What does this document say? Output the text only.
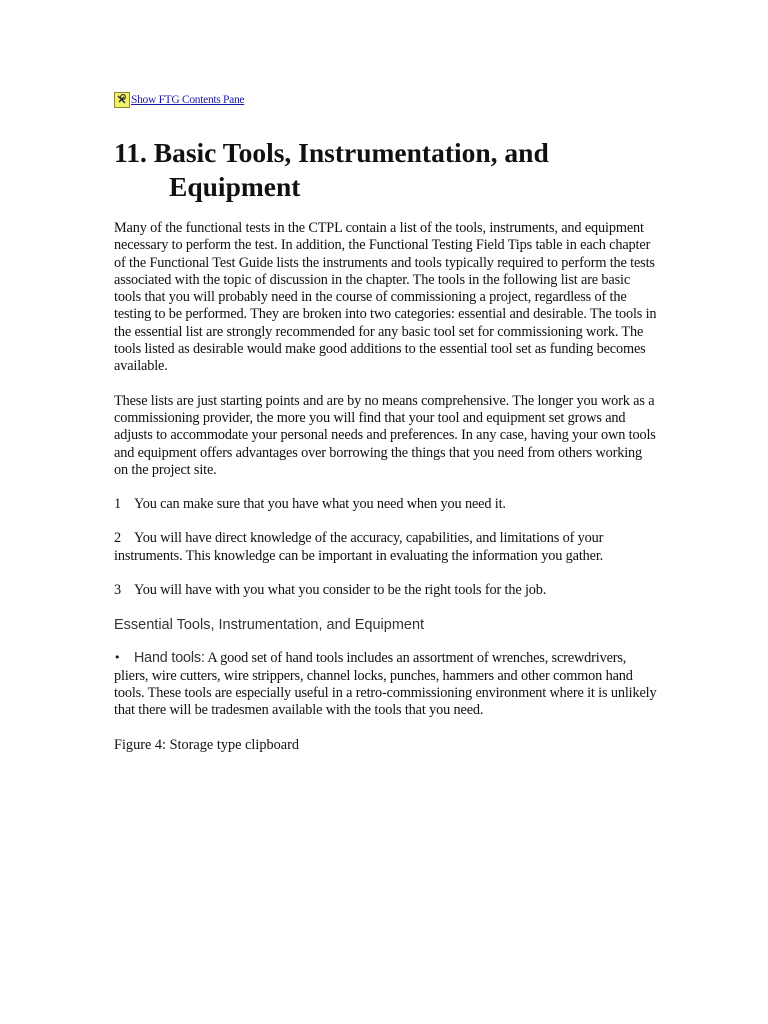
Show FTG Contents Pane
11. Basic Tools, Instrumentation, and Equipment

Many of the functional tests in the CTPL contain a list of the tools, instruments, and equipment necessary to perform the test. In addition, the Functional Testing Field Tips table in each chapter of the Functional Test Guide lists the instruments and tools typically required to perform the tests associated with the topic of discussion in the chapter. The tools in the following list are basic tools that you will probably need in the course of commissioning a project, regardless of the testing to be performed. They are broken into two categories: essential and desirable. The tools in the essential list are strongly recommended for any basic tool set for commissioning work. The tools listed as desirable would make good additions to the essential tool set as funding becomes available.

These lists are just starting points and are by no means comprehensive. The longer you work as a commissioning provider, the more you will find that your tool and equipment set grows and adjusts to accommodate your personal needs and preferences. In any case, having your own tools and equipment offers advantages over borrowing the things that you need from others working on the project site.

1 You can make sure that you have what you need when you need it.

2 You will have direct knowledge of the accuracy, capabilities, and limitations of your instruments. This knowledge can be important in evaluating the information you gather.

3 You will have with you what you consider to be the right tools for the job.

Essential Tools, Instrumentation, and Equipment

• Hand tools: A good set of hand tools includes an assortment of wrenches, screwdrivers, pliers, wire cutters, wire strippers, channel locks, punches, hammers and other common hand tools. These tools are especially useful in a retro-commissioning environment where it is unlikely that there will be tradesmen available with the tools that you need.

Figure 4: Storage type clipboard
